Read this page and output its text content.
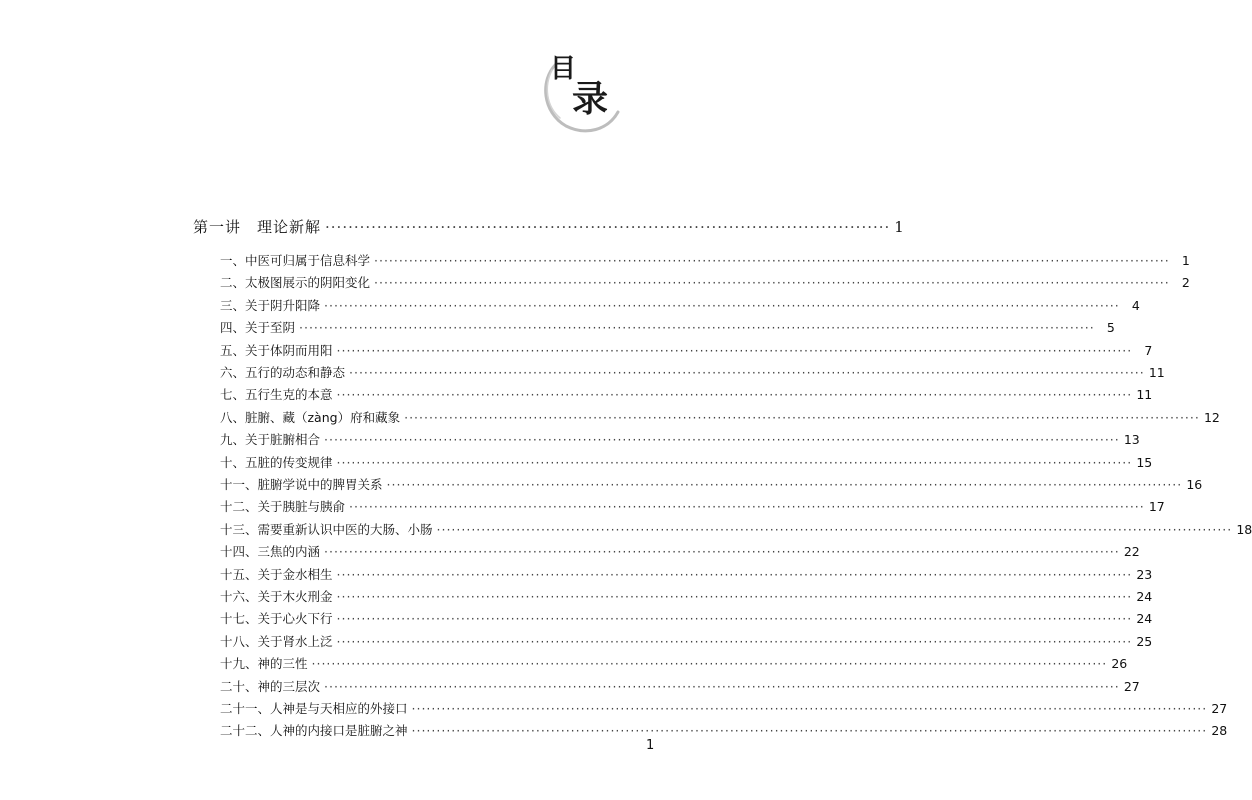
目
录
第一讲　理论新解 ·································································································· 1
一、中医可归属于信息科学 ································································································································································ 1
二、太极图展示的阴阳变化 ································································································································································ 2
三、关于阴升阳降 ································································································································································ 4
四、关于至阴 ································································································································································ 5
五、关于体阴而用阳 ································································································································································ 7
六、五行的动态和静态 ································································································································································ 11
七、五行生克的本意 ································································································································································ 11
八、脏腑、藏（zàng）府和藏象 ································································································································································ 12
九、关于脏腑相合 ································································································································································ 13
十、五脏的传变规律 ································································································································································ 15
十一、脏腑学说中的脾胃关系 ································································································································································ 16
十二、关于胰脏与胰俞 ································································································································································ 17
十三、需要重新认识中医的大肠、小肠 ································································································································································ 18
十四、三焦的内涵 ································································································································································ 22
十五、关于金水相生 ································································································································································ 23
十六、关于木火刑金 ································································································································································ 24
十七、关于心火下行 ································································································································································ 24
十八、关于肾水上泛 ································································································································································ 25
十九、神的三性 ································································································································································ 26
二十、神的三层次 ································································································································································ 27
二十一、人神是与天相应的外接口 ································································································································································ 27
二十二、人神的内接口是脏腑之神 ································································································································································ 28
1
